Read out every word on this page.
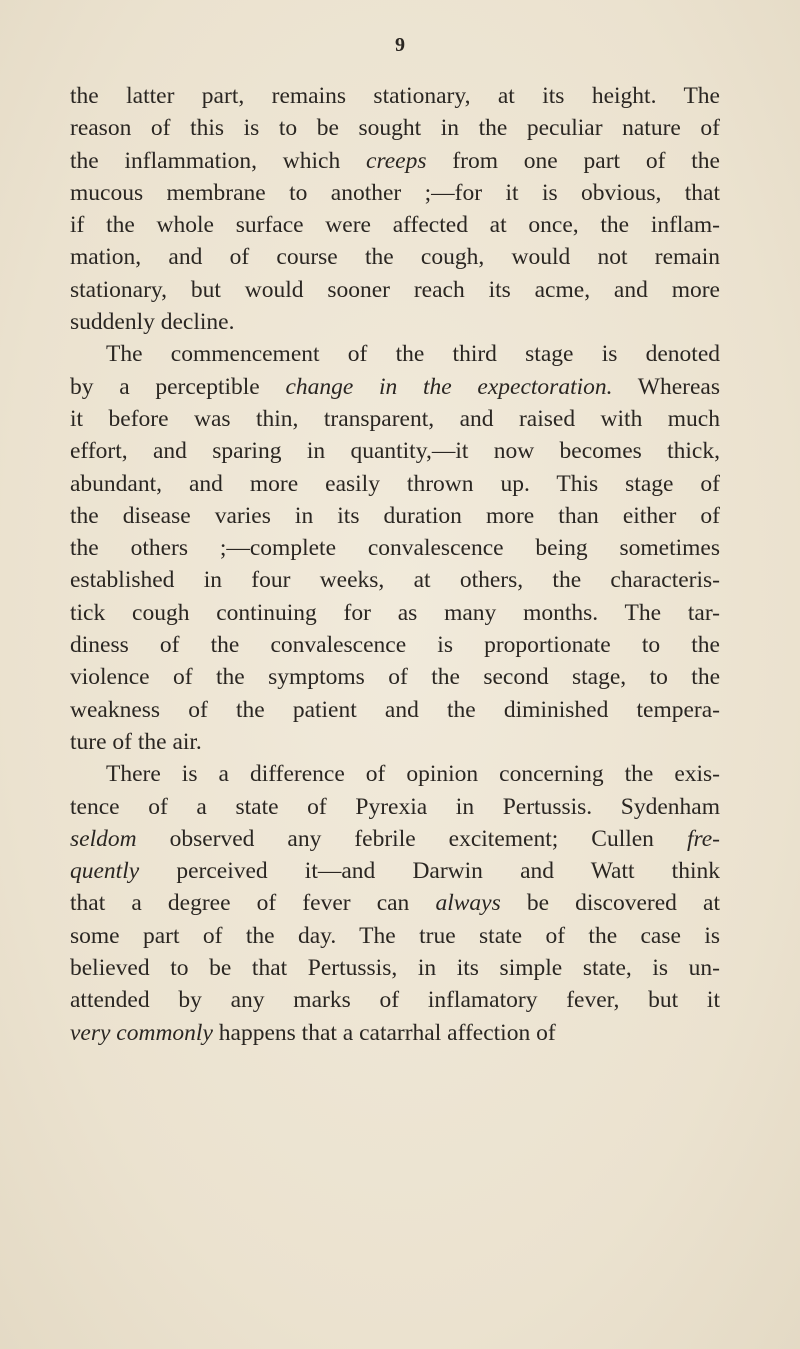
9
the latter part, remains stationary, at its height. The
reason of this is to be sought in the peculiar nature of
the inflammation, which creeps from one part of the
mucous membrane to another ;—for it is obvious, that
if the whole surface were affected at once, the inflam-
mation, and of course the cough, would not remain
stationary, but would sooner reach its acme, and more
suddenly decline.
The commencement of the third stage is denoted
by a perceptible change in the expectoration. Whereas
it before was thin, transparent, and raised with much
effort, and sparing in quantity,—it now becomes thick,
abundant, and more easily thrown up. This stage of
the disease varies in its duration more than either of
the others ;—complete convalescence being sometimes
established in four weeks, at others, the characteris-
tick cough continuing for as many months. The tar-
diness of the convalescence is proportionate to the
violence of the symptoms of the second stage, to the
weakness of the patient and the diminished tempera-
ture of the air.
There is a difference of opinion concerning the exis-
tence of a state of Pyrexia in Pertussis. Sydenham
seldom observed any febrile excitement; Cullen fre-
quently perceived it—and Darwin and Watt think
that a degree of fever can always be discovered at
some part of the day. The true state of the case is
believed to be that Pertussis, in its simple state, is un-
attended by any marks of inflamatory fever, but it
very commonly happens that a catarrhal affection of
